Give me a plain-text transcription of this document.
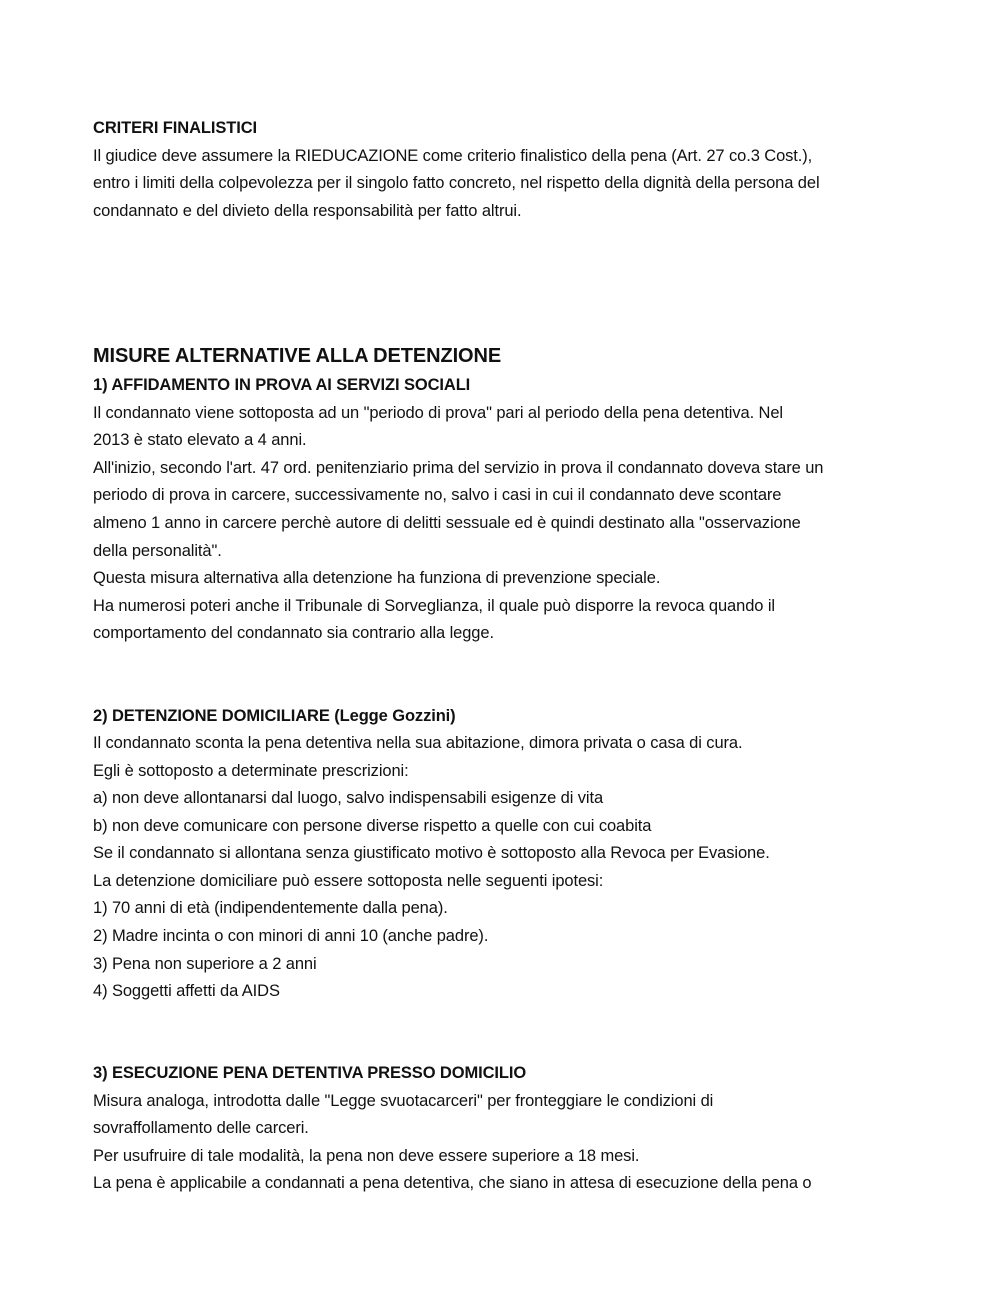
CRITERI FINALISTICI
Il giudice deve assumere la RIEDUCAZIONE come criterio finalistico della pena (Art. 27 co.3 Cost.),
entro i limiti della colpevolezza per il singolo fatto concreto, nel rispetto della dignità della persona del
condannato e del divieto della responsabilità per fatto altrui.
MISURE ALTERNATIVE ALLA DETENZIONE
1) AFFIDAMENTO IN PROVA AI SERVIZI SOCIALI
Il condannato viene sottoposta ad un "periodo di prova" pari al periodo della pena detentiva. Nel
2013 è stato elevato a 4 anni.
All'inizio, secondo l'art. 47 ord. penitenziario prima del servizio in prova il condannato doveva stare un
periodo di prova in carcere, successivamente no, salvo i casi in cui il condannato deve scontare
almeno 1 anno in carcere perchè autore di delitti sessuale ed è quindi destinato alla "osservazione
della personalità".
Questa misura alternativa alla detenzione ha funziona di prevenzione speciale.
Ha numerosi poteri anche il Tribunale di Sorveglianza, il quale può disporre la revoca quando il
comportamento del condannato sia contrario alla legge.
2) DETENZIONE DOMICILIARE (Legge Gozzini)
Il condannato sconta la pena detentiva nella sua abitazione, dimora privata o casa di cura.
Egli è sottoposto a determinate prescrizioni:
a) non deve allontanarsi dal luogo, salvo indispensabili esigenze di vita
b) non deve comunicare con persone diverse rispetto a quelle con cui coabita
Se il condannato si allontana senza giustificato motivo è sottoposto alla Revoca per Evasione.
La detenzione domiciliare può essere sottoposta nelle seguenti ipotesi:
1) 70 anni di età (indipendentemente dalla pena).
2) Madre incinta o con minori di anni 10 (anche padre).
3) Pena non superiore a 2 anni
4) Soggetti affetti da AIDS
3) ESECUZIONE PENA DETENTIVA PRESSO DOMICILIO
Misura analoga, introdotta dalle "Legge svuotacarceri" per fronteggiare le condizioni di
sovraffollamento delle carceri.
Per usufruire di tale modalità, la pena non deve essere superiore a 18 mesi.
La pena è applicabile a condannati a pena detentiva, che siano in attesa di esecuzione della pena o
